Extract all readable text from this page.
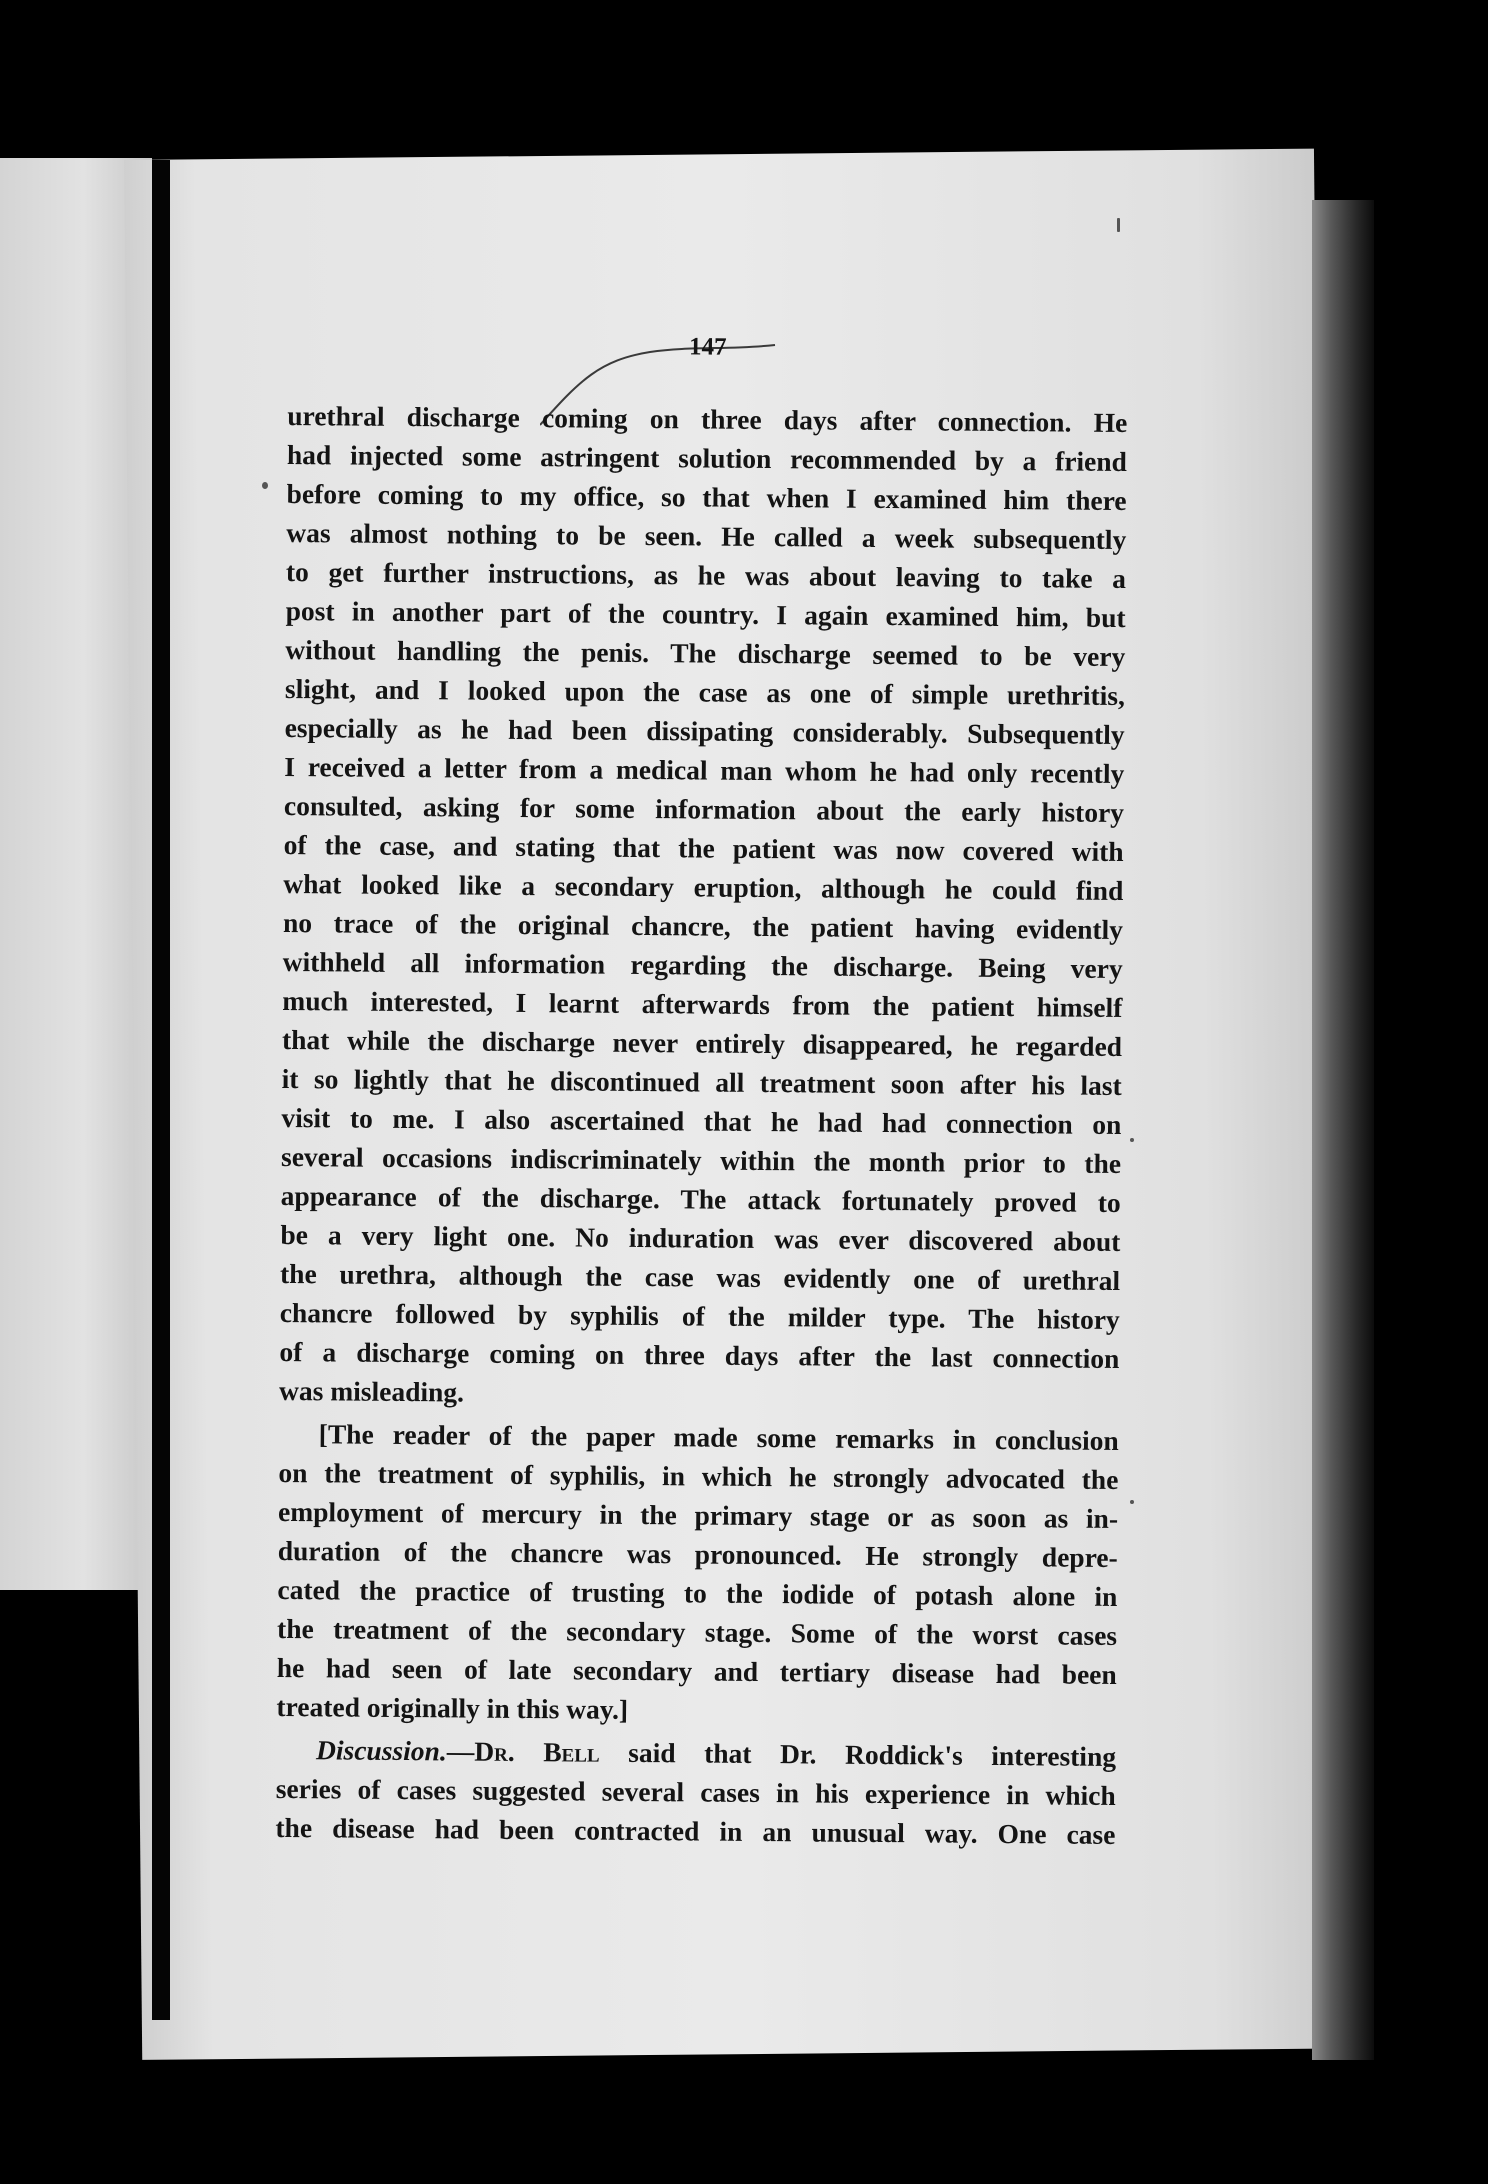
147
urethral discharge coming on three days after connection. He
had injected some astringent solution recommended by a friend
before coming to my office, so that when I examined him there
was almost nothing to be seen. He called a week subsequently
to get further instructions, as he was about leaving to take a
post in another part of the country. I again examined him, but
without handling the penis. The discharge seemed to be very
slight, and I looked upon the case as one of simple urethritis,
especially as he had been dissipating considerably. Subsequently
I received a letter from a medical man whom he had only recently
consulted, asking for some information about the early history
of the case, and stating that the patient was now covered with
what looked like a secondary eruption, although he could find
no trace of the original chancre, the patient having evidently
withheld all information regarding the discharge. Being very
much interested, I learnt afterwards from the patient himself
that while the discharge never entirely disappeared, he regarded
it so lightly that he discontinued all treatment soon after his last
visit to me. I also ascertained that he had had connection on
several occasions indiscriminately within the month prior to the
appearance of the discharge. The attack fortunately proved to
be a very light one. No induration was ever discovered about
the urethra, although the case was evidently one of urethral
chancre followed by syphilis of the milder type. The history
of a discharge coming on three days after the last connection
was misleading.
[The reader of the paper made some remarks in conclusion
on the treatment of syphilis, in which he strongly advocated the
employment of mercury in the primary stage or as soon as in-
duration of the chancre was pronounced. He strongly depre-
cated the practice of trusting to the iodide of potash alone in
the treatment of the secondary stage. Some of the worst cases
he had seen of late secondary and tertiary disease had been
treated originally in this way.]
Discussion.—Dr. Bell said that Dr. Roddick's interesting
series of cases suggested several cases in his experience in which
the disease had been contracted in an unusual way. One case
